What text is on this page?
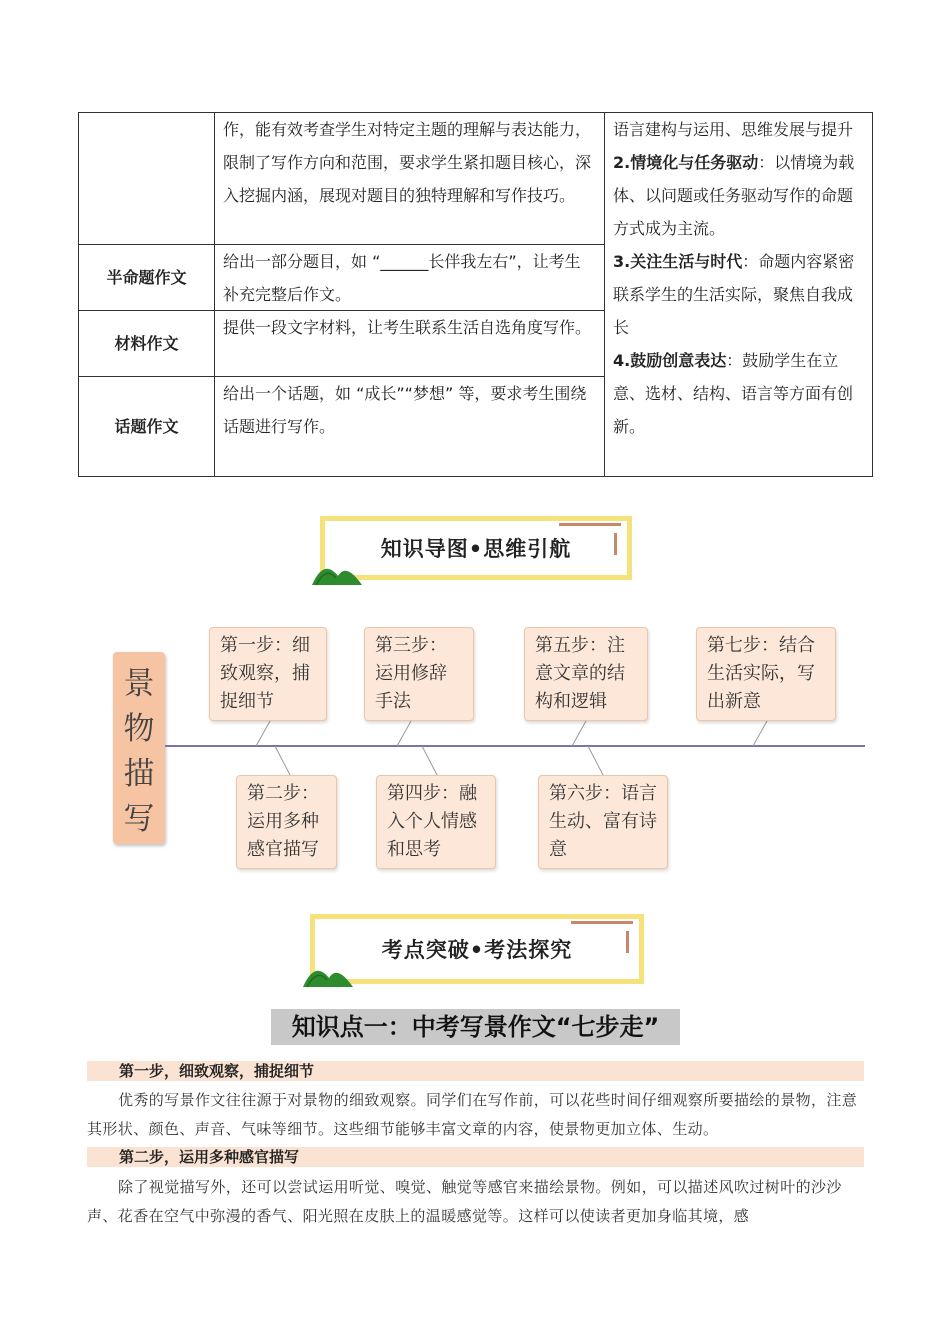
半命题作文
材料作文
话题作文
作，能有效考查学生对特定主题的理解与表达能力，限制了写作方向和范围，要求学生紧扣题目核心，深入挖掘内涵，展现对题目的独特理解和写作技巧。
给出一部分题目，如 “______长伴我左右”，让考生补充完整后作文。
提供一段文字材料，让考生联系生活自选角度写作。
给出一个话题，如 “成长”“梦想” 等，要求考生围绕话题进行写作。
语言建构与运用、思维发展与提升
2.情境化与任务驱动：以情境为载体、以问题或任务驱动写作的命题方式成为主流。
3.关注生活与时代：命题内容紧密联系学生的生活实际，聚焦自我成长
4.鼓励创意表达：鼓励学生在立意、选材、结构、语言等方面有创新。
知识导图•思维引航
景
物
描
写
第一步：细致观察，捕捉细节
第三步：运用修辞手法
第五步：注意文章的结构和逻辑
第七步：结合生活实际，写出新意
第二步：运用多种感官描写
第四步：融入个人情感和思考
第六步：语言生动、富有诗意
考点突破•考法探究
知识点一：中考写景作文“七步走”
第一步，细致观察，捕捉细节
优秀的写景作文往往源于对景物的细致观察。同学们在写作前，可以花些时间仔细观察所要描绘的景物，注意其形状、颜色、声音、气味等细节。这些细节能够丰富文章的内容，使景物更加立体、生动。
第二步，运用多种感官描写
除了视觉描写外，还可以尝试运用听觉、嗅觉、触觉等感官来描绘景物。例如，可以描述风吹过树叶的沙沙声、花香在空气中弥漫的香气、阳光照在皮肤上的温暖感觉等。这样可以使读者更加身临其境，感
